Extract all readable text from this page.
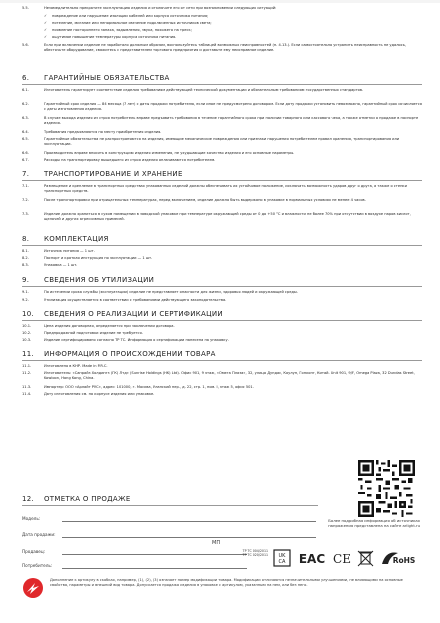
5.5.	Незамедлительно прекратите эксплуатацию изделия и отключите его от сети при возникновении следующих ситуаций:
✓	повреждение или нарушение изоляции кабелей или корпуса источника питания;
✓	потеление, мигание или ненормальное свечение подключенных источников света;
✓	появление постороннего запаха, задымления, звука, похожего на треск;
✓	ощутимое повышение температуры корпуса источника питания.
5.6.	Если при включении изделие не заработало должным образом, воспользуйтесь таблицей возможных неисправностей (п. 4.13.). Если самостоятельно устранить неисправность не удалось, обесточьте оборудование, свяжитесь с представителем торгового предприятия и доставьте ему неисправное изделие.
6.	ГАРАНТИЙНЫЕ ОБЯЗАТЕЛЬСТВА
6.1.	Изготовитель гарантирует соответствие изделия требованиям действующей технической документации и обязательным требованиям государственных стандартов.
6.2.	Гарантийный срок изделия — 84 месяца (7 лет) с даты продажи потребителю, если иное не предусмотрено договором. Если дату продажи установить невозможно, гарантийный срок исчисляется с даты изготовления изделия.
6.3.	В случае выхода изделия из строя потребитель вправе предъявить требования в течение гарантийного срока при наличии товарного или кассового чека, а также отметки о продаже в паспорте изделия.
6.4.	Требования предъявляются по месту приобретения изделия.
6.5.	Гарантийные обязательства не распространяются на изделия, имеющие механические повреждения или признаки нарушения потребителем правил хранения, транспортирования или эксплуатации.
6.6.	Производитель вправе вносить в конструкцию изделия изменения, не ухудшающие качество изделия и его основные параметры.
6.7.	Расходы на транспортировку вышедшего из строя изделия оплачиваются потребителем.
7.	ТРАНСПОРТИРОВАНИЕ И ХРАНЕНИЕ
7.1.	Размещение и крепление в транспортных средствах упакованных изделий должны обеспечивать их устойчивое положение, исключать возможность ударов друг о друга, а также о стенки транспортных средств.
7.2.	После транспортировки при отрицательных температурах, перед включением, изделие должно быть выдержано в упаковке в нормальных условиях не менее 4 часов.
7.3.	Изделие должно храниться в сухом помещении в заводской упаковке при температуре окружающей среды от 0 до +50 °C и влажности не более 70% при отсутствии в воздухе паров кислот, щелочей и других агрессивных примесей.
8.	КОМПЛЕКТАЦИЯ
8.1.	Источник питания — 1 шт.
8.2.	Паспорт и краткая инструкция по эксплуатации — 1 шт.
8.3.	Упаковка — 1 шт.
9.	СВЕДЕНИЯ ОБ УТИЛИЗАЦИИ
9.1.	По истечении срока службы (эксплуатации) изделие не представляет опасности для жизни, здоровья людей и окружающей среды.
9.2.	Утилизация осуществляется в соответствии с требованиями действующего законодательства.
10.	СВЕДЕНИЯ О РЕАЛИЗАЦИИ И СЕРТИФИКАЦИИ
10.1.	Цена изделия договорная, определяется при заключении договора.
10.2.	Предпродажной подготовки изделие не требуется.
10.3.	Изделие сертифицировано согласно ТР ТС. Информация о сертификации нанесена на упаковку.
11.	ИНФОРМАЦИЯ О ПРОИСХОЖДЕНИИ ТОВАРА
11.1.	Изготовлено в КНР. Made in P.R.C.
11.2.	Изготовитель: «Санрайз Холдингз (ГК) Лтд» (Sunrise Holdings (HK) Ltd). Офис 901, 9 этаж, «Омега Плаза», 32, улица Дундас, Коулун, Гонконг, Китай. Unit 901, 9/F, Omega Plaza, 32 Dundas Street, Kowloon, Hong Kong, China.
11.3.	Импортер: ООО «Арлайт РУС», адрес: 101000, г. Москва, Уланский пер., д. 22, стр. 1, пом. I, этаж 5, офис 501.
11.4.	Дату изготовления см. на корпусе изделия или упаковке.
12.	ОТМЕТКА О ПРОДАЖЕ
Модель:
Дата продажи:
Продавец:
МП
Потребитель:
Более подробная информация об источниках напряжения представлена на сайте arlight.ru
ТР ТС 004/2011
ТР ТС 020/2011 UK
CA EAC CE	RoHS
Дополнение к артикулу в скобках, например, (1), (2), (3) означает номер модификации товара. Модификации отличаются незначительными улучшениями, не влияющими на основные свойства, параметры и внешний вид товара. Допускается продажа изделия в упаковке с артикулом, указанным на нем, или без него.
